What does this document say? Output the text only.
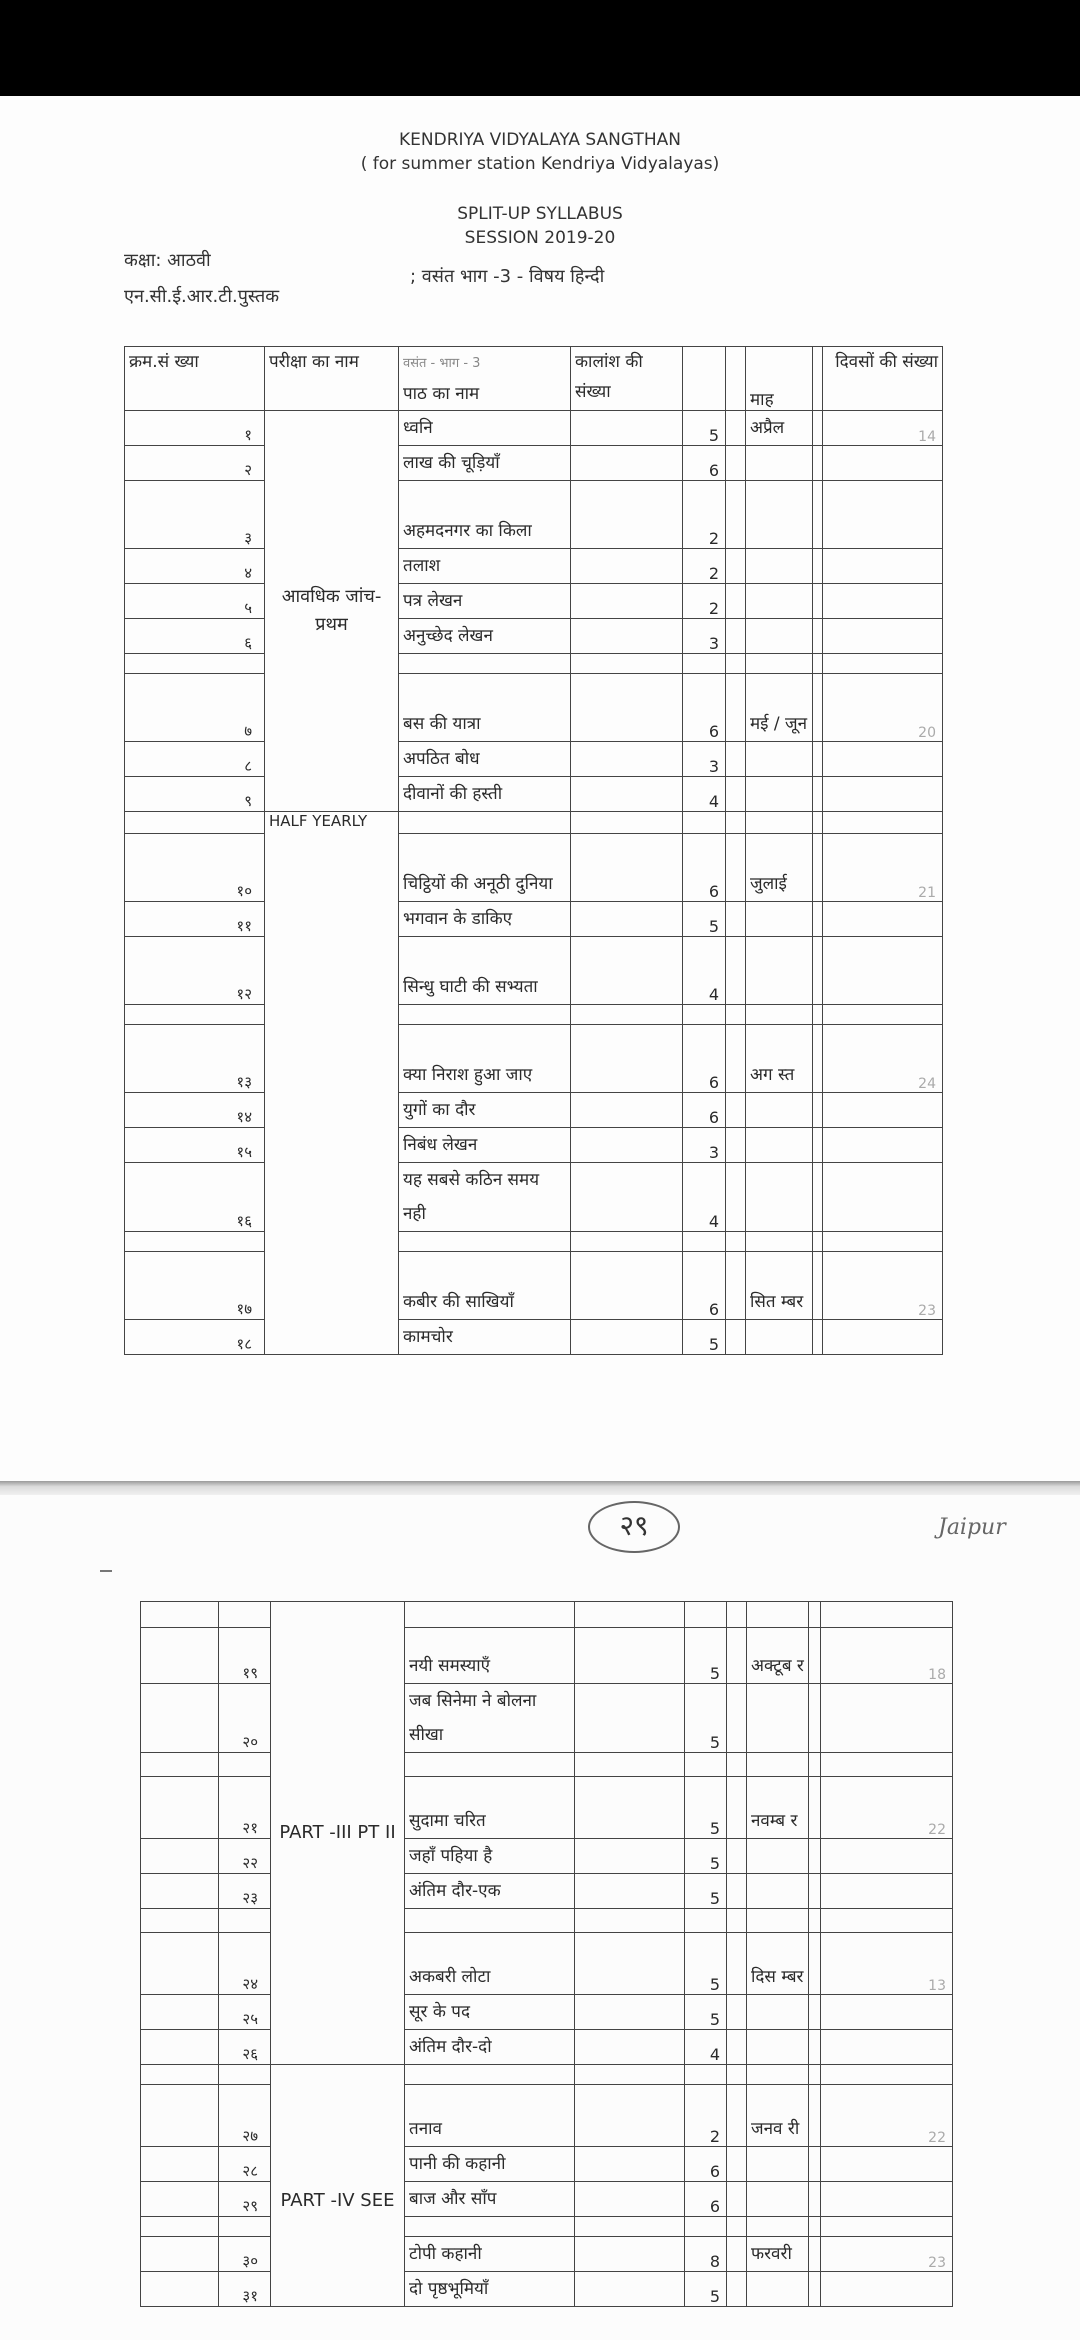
KENDRIYA VIDYALAYA SANGTHAN
( for summer station Kendriya Vidyalayas)
SPLIT-UP SYLLABUS
SESSION 2019-20
कक्षा: आठवी
एन.सी.ई.आर.टी.पुस्तक
; वसंत भाग -3 - विषय हिन्दी
क्रम.सं ख्या	परीक्षा का नाम	वसंत - भाग - 3
पाठ का नाम	कालांश की संख्या			माह		दिवसों की संख्या
१	आवधिक जांच-प्रथम	ध्वनि		5		अप्रैल		14
२		लाख की चूड़ियाँ		6				
३		अहमदनगर का किला		2				
४		तलाश		2				
५		पत्र लेखन		2				
६		अनुच्छेद लेखन		3				

७		बस की यात्रा		6		मई / जून		20
८		अपठित बोध		3				
९		दीवानों की हस्ती		4				
	HALF YEARLY							
१०		चिट्ठियों की अनूठी दुनिया		6		जुलाई		21
११		भगवान के डाकिए		5				
१२		सिन्धु घाटी की सभ्यता		4				

१३		क्या निराश हुआ जाए		6		अग स्त		24
१४		युगों का दौर		6				
१५		निबंध लेखन		3				
१६		यह सबसे कठिन समय नही		4				

१७		कबीर की साखियाँ		6		सित म्बर		23
१८		कामचोर		5				
२९	Jaipur
		PART -III PT II							
	१९		नयी समस्याएँ		5		अक्टूब र		18
	२०		जब सिनेमा ने बोलना सीखा		5				

	२१		सुदामा चरित		5		नवम्ब र		22
	२२		जहाँ पहिया है		5				
	२३		अंतिम दौर-एक		5				

	२४		अकबरी लोटा		5		दिस म्बर		13
	२५		सूर के पद		5				
	२६		अंतिम दौर-दो		4				
		PART -IV SEE							
	२७		तनाव		2		जनव री		22
	२८		पानी की कहानी		6				
	२९		बाज और साँप		6				

	३०		टोपी कहानी		8		फरवरी		23
	३१		दो पृष्ठभूमियाँ		5				
